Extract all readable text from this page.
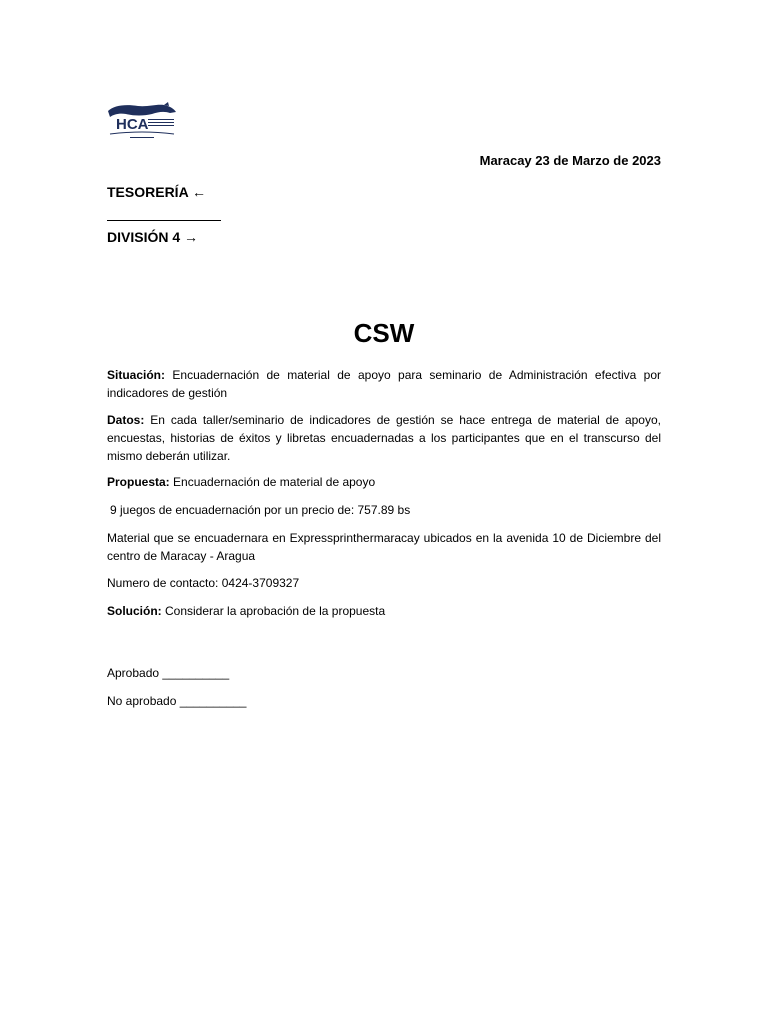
HCA
Maracay 23 de Marzo de 2023
TESORERÍA ←
DIVISIÓN 4 →
CSW
Situación: Encuadernación de material de apoyo para seminario de Administración efectiva por indicadores de gestión
Datos: En cada taller/seminario de indicadores de gestión se hace entrega de material de apoyo, encuestas, historias de éxitos y libretas encuadernadas a los participantes que en el transcurso del mismo deberán utilizar.
Propuesta: Encuadernación de material de apoyo
9 juegos de encuadernación por un precio de: 757.89 bs
Material que se encuadernara en Expressprinthermaracay ubicados en la avenida 10 de Diciembre del centro de Maracay - Aragua
Numero de contacto: 0424-3709327
Solución: Considerar la aprobación de la propuesta
Aprobado __________
No aprobado __________
